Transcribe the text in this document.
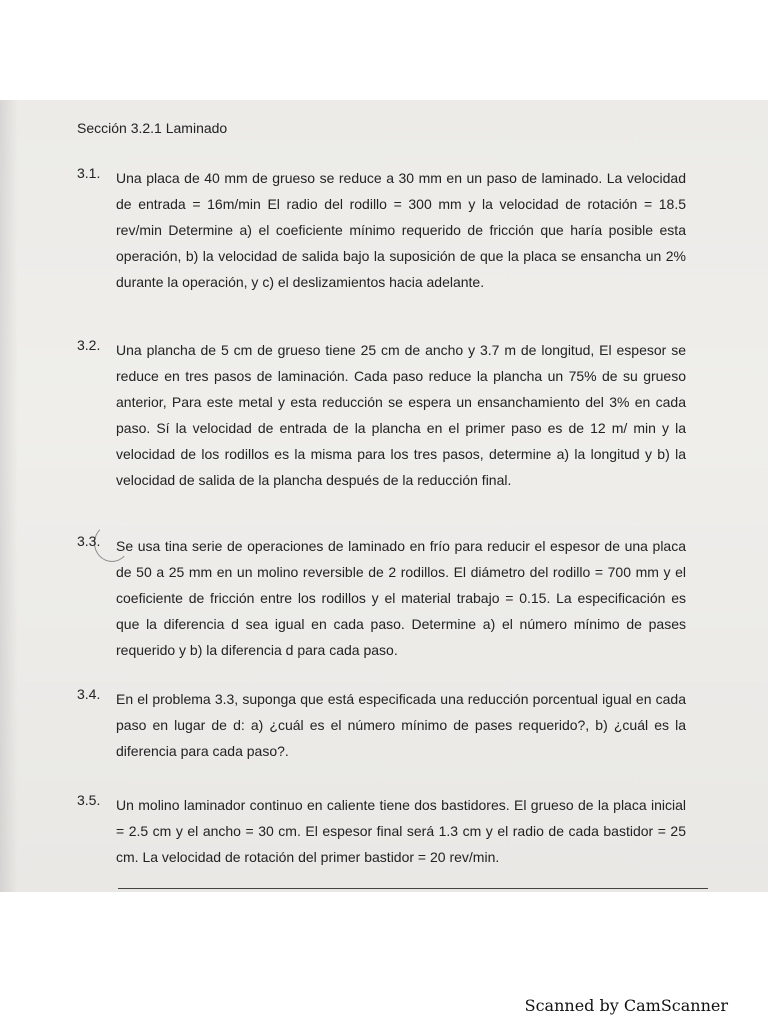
Sección 3.2.1 Laminado
3.1. Una placa de 40 mm de grueso se reduce a 30 mm en un paso de laminado. La velocidad de entrada = 16m/min El radio del rodillo = 300 mm y la velocidad de rotación = 18.5 rev/min Determine a) el coeficiente mínimo requerido de fricción que haría posible esta operación, b) la velocidad de salida bajo la suposición de que la placa se ensancha un 2% durante la operación, y c) el deslizamientos hacia adelante.

3.2. Una plancha de 5 cm de grueso tiene 25 cm de ancho y 3.7 m de longitud, El espesor se reduce en tres pasos de laminación. Cada paso reduce la plancha un 75% de su grueso anterior, Para este metal y esta reducción se espera un ensanchamiento del 3% en cada paso. Sí la velocidad de entrada de la plancha en el primer paso es de 12 m/ min y la velocidad de los rodillos es la misma para los tres pasos, determine a) la longitud y b) la velocidad de salida de la plancha después de la reducción final.

3.3. Se usa tina serie de operaciones de laminado en frío para reducir el espesor de una placa de 50 a 25 mm en un molino reversible de 2 rodillos. El diámetro del rodillo = 700 mm y el coeficiente de fricción entre los rodillos y el material trabajo = 0.15. La especificación es que la diferencia d sea igual en cada paso. Determine a) el número mínimo de pases requerido y b) la diferencia d para cada paso.

3.4. En el problema 3.3, suponga que está especificada una reducción porcentual igual en cada paso en lugar de d: a) ¿cuál es el número mínimo de pases requerido?, b) ¿cuál es la diferencia para cada paso?.

3.5. Un molino laminador continuo en caliente tiene dos bastidores. El grueso de la placa inicial = 2.5 cm y el ancho = 30 cm. El espesor final será 1.3 cm y el radio de cada bastidor = 25 cm. La velocidad de rotación del primer bastidor = 20 rev/min.

Scanned by CamScanner
